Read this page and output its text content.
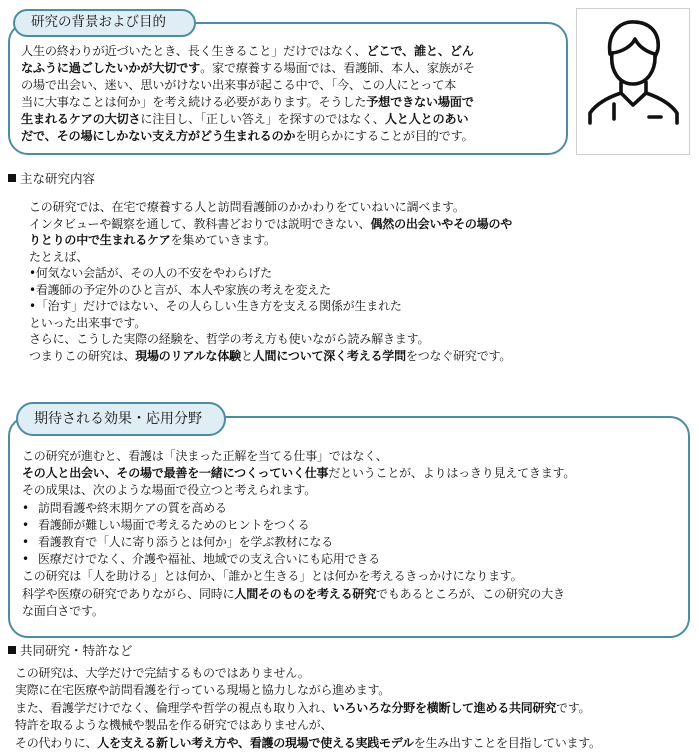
研究の背景および目的

人生の終わりが近づいたとき、長く生きること」だけではなく、どこで、誰と、どん

なふうに過ごしたいかが大切です。家で療養する場面では、看護師、本人、家族がそ

の場で出会い、迷い、思いがけない出来事が起こる中で、「今、この人にとって本

当に大事なことは何か」を考え続ける必要があります。そうした予想できない場面で

生まれるケアの大切さに注目し、「正しい答え」を探すのではなく、人と人とのあい

だで、その場にしかない支え方がどう生まれるのかを明らかにすることが目的です。

主な研究内容

この研究では、在宅で療養する人と訪問看護師のかかわりをていねいに調べます。

インタビューや観察を通して、教科書どおりでは説明できない、偶然の出会いやその場のや

りとりの中で生まれるケアを集めていきます。

たとえば、

•何気ない会話が、その人の不安をやわらげた

•看護師の予定外のひと言が、本人や家族の考えを変えた

•「治す」だけではない、その人らしい生き方を支える関係が生まれた

といった出来事です。

さらに、こうした実際の経験を、哲学の考え方も使いながら読み解きます。

つまりこの研究は、現場のリアルな体験と人間について深く考える学問をつなぐ研究です。

期待される効果・応用分野

この研究が進むと、看護は「決まった正解を当てる仕事」ではなく、

その人と出会い、その場で最善を一緒につくっていく仕事だということが、よりはっきり見えてきます。

その成果は、次のような場面で役立つと考えられます。

• 訪問看護や終末期ケアの質を高める

• 看護師が難しい場面で考えるためのヒントをつくる

• 看護教育で「人に寄り添うとは何か」を学ぶ教材になる

• 医療だけでなく、介護や福祉、地域での支え合いにも応用できる

この研究は「人を助ける」とは何か、「誰かと生きる」とは何かを考えるきっかけになります。

科学や医療の研究でありながら、同時に人間そのものを考える研究でもあるところが、この研究の大き

な面白さです。

共同研究・特許など

この研究は、大学だけで完結するものではありません。

実際に在宅医療や訪問看護を行っている現場と協力しながら進めます。

また、看護学だけでなく、倫理学や哲学の視点も取り入れ、いろいろな分野を横断して進める共同研究です。

特許を取るような機械や製品を作る研究ではありませんが、

その代わりに、人を支える新しい考え方や、看護の現場で使える実践モデルを生み出すことを目指しています。
